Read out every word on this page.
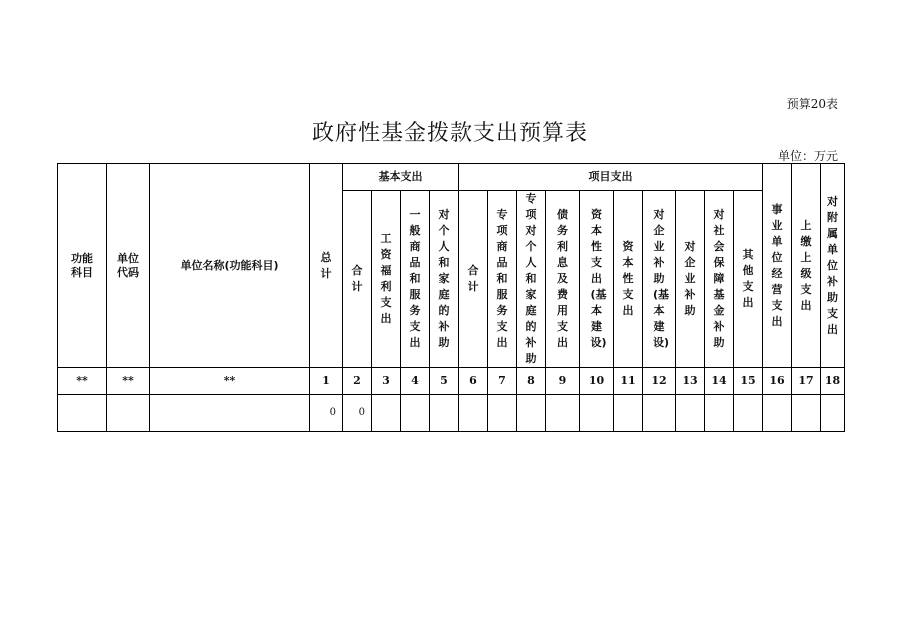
预算20表
政府性基金拨款支出预算表
单位：万元
功能科目	单位代码	单位名称(功能科目)	总计	基本支出				项目支出										事业单位经营支出	上缴上级支出	对附属单位补助支出
				合计	工资福利支出	一般商品和服务支出	对个人和家庭的补助	合计	专项商品和服务支出	专项对个人和家庭的补助	债务利息及费用支出	资本性支出(基本建设)	资本性支出	对企业补助(基本建设)	对企业补助	对社会保障基金补助	其他支出			
**	**	**	1	2	3	4	5	6	7	8	9	10	11	12	13	14	15	16	17	18
			0	0																
